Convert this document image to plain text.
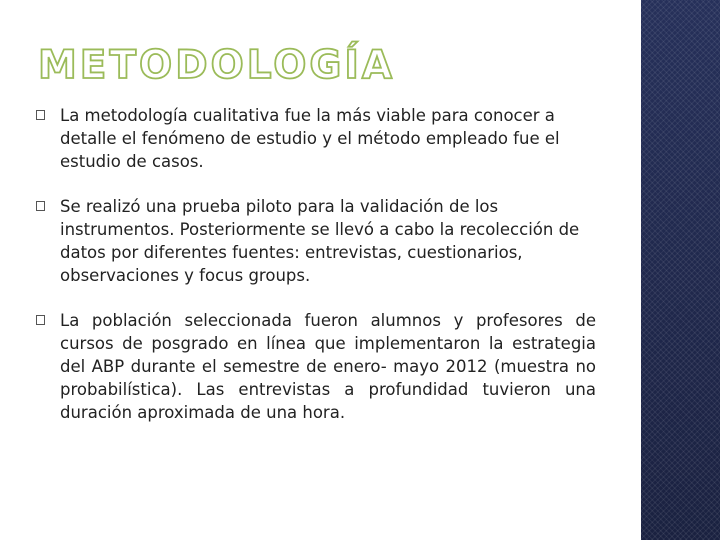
METODOLOGÍA
La metodología cualitativa fue la más viable para conocer a detalle el fenómeno de estudio y el método empleado fue el estudio de casos.
Se realizó una prueba piloto para la validación de los instrumentos. Posteriormente se llevó a cabo la recolección de datos por diferentes fuentes: entrevistas, cuestionarios, observaciones y focus groups.
La población seleccionada fueron alumnos y profesores de cursos de posgrado en línea que implementaron la estrategia del ABP durante el semestre de enero- mayo 2012 (muestra no probabilística). Las entrevistas a profundidad tuvieron una duración aproximada de una hora.
